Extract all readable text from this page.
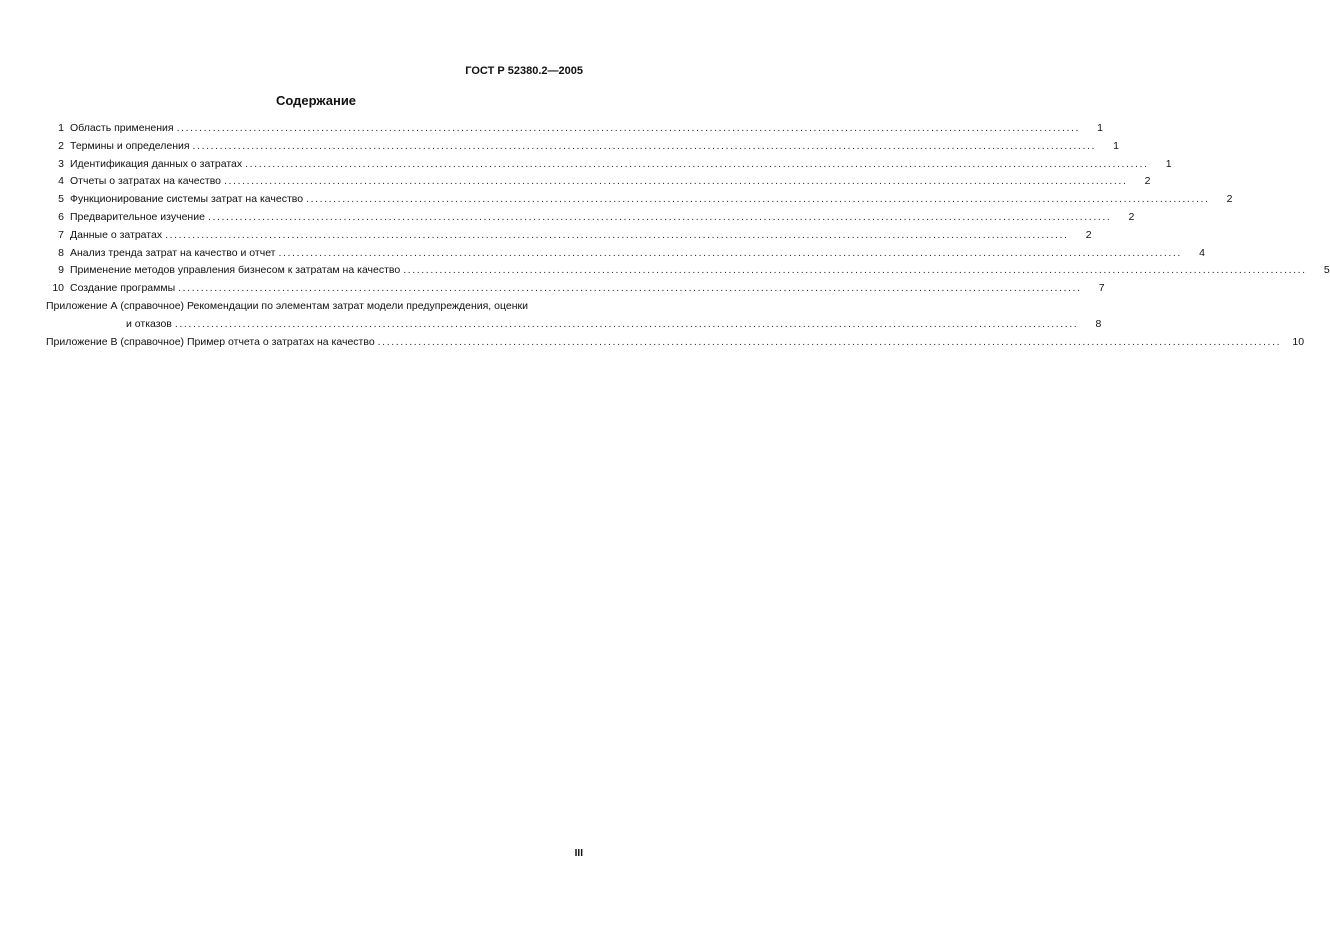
ГОСТ Р 52380.2—2005
Содержание
1 Область применения ........................................................................................................................................................................................................	1
2 Термины и определения ........................................................................................................................................................................................................	1
3 Идентификация данных о затратах ........................................................................................................................................................................................................	1
4 Отчеты о затратах на качество ........................................................................................................................................................................................................	2
5 Функционирование системы затрат на качество ........................................................................................................................................................................................................	2
6 Предварительное изучение ........................................................................................................................................................................................................	2
7 Данные о затратах ........................................................................................................................................................................................................	2
8 Анализ тренда затрат на качество и отчет ........................................................................................................................................................................................................	4
9 Применение методов управления бизнесом к затратам на качество ........................................................................................................................................................................................................	5
10 Создание программы ........................................................................................................................................................................................................	7
Приложение А (справочное) Рекомендации по элементам затрат модели предупреждения, оценки
и отказов ........................................................................................................................................................................................................	8
Приложение В (справочное) Пример отчета о затратах на качество ........................................................................................................................................................................................................	10
III
